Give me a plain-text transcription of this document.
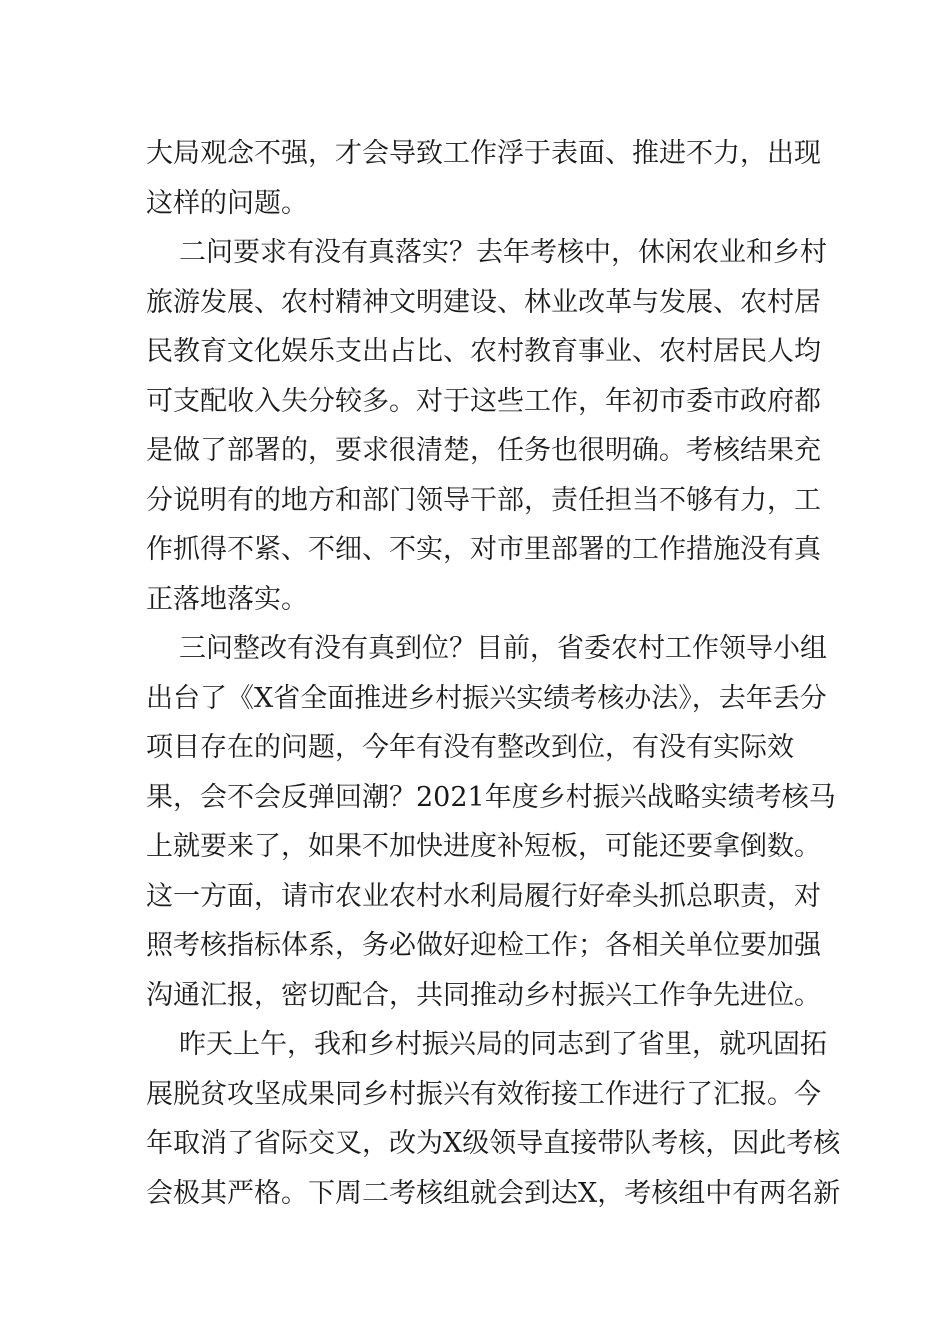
大局观念不强，才会导致工作浮于表面、推进不力，出现
这样的问题。
二问要求有没有真落实？去年考核中，休闲农业和乡村
旅游发展、农村精神文明建设、林业改革与发展、农村居
民教育文化娱乐支出占比、农村教育事业、农村居民人均
可支配收入失分较多。对于这些工作，年初市委市政府都
是做了部署的，要求很清楚，任务也很明确。考核结果充
分说明有的地方和部门领导干部，责任担当不够有力，工
作抓得不紧、不细、不实，对市里部署的工作措施没有真
正落地落实。
三问整改有没有真到位？目前，省委农村工作领导小组
出台了《X省全面推进乡村振兴实绩考核办法》，去年丢分
项目存在的问题，今年有没有整改到位，有没有实际效
果，会不会反弹回潮？2021年度乡村振兴战略实绩考核马
上就要来了，如果不加快进度补短板，可能还要拿倒数。
这一方面，请市农业农村水利局履行好牵头抓总职责，对
照考核指标体系，务必做好迎检工作；各相关单位要加强
沟通汇报，密切配合，共同推动乡村振兴工作争先进位。
昨天上午，我和乡村振兴局的同志到了省里，就巩固拓
展脱贫攻坚成果同乡村振兴有效衔接工作进行了汇报。今
年取消了省际交叉，改为X级领导直接带队考核，因此考核
会极其严格。下周二考核组就会到达X，考核组中有两名新
